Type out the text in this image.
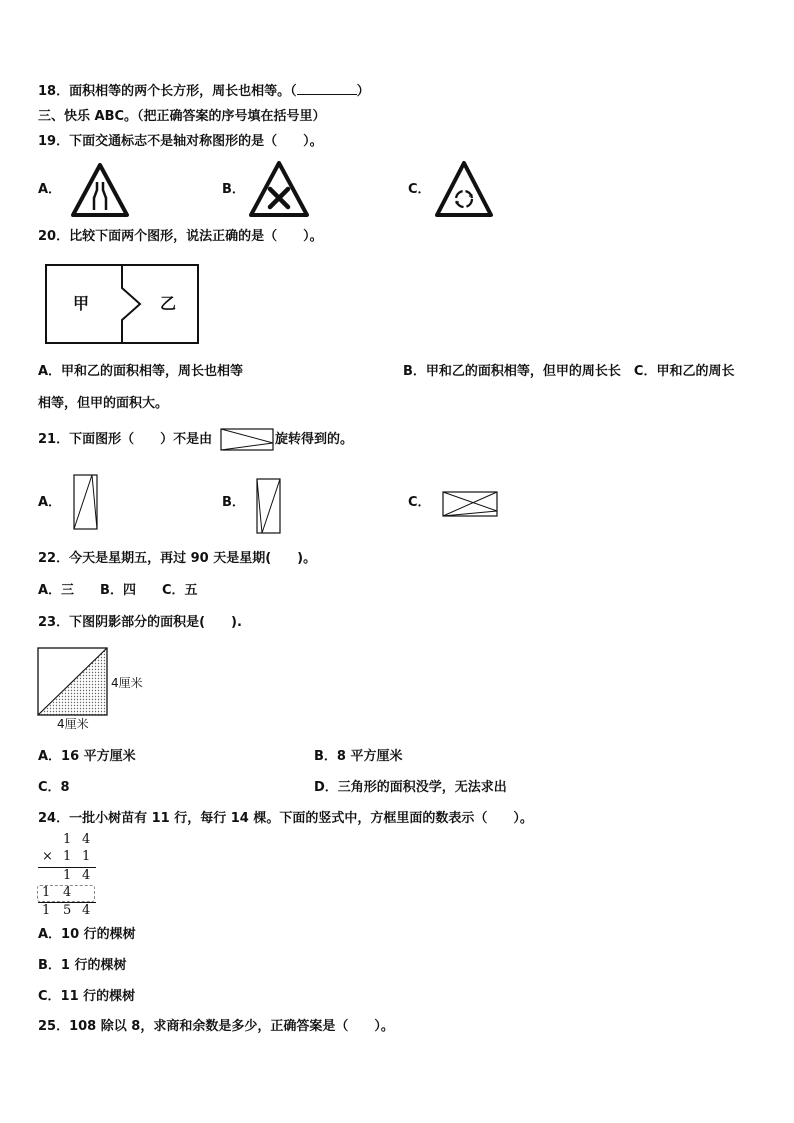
18．面积相等的两个长方形，周长也相等。（	）
三、快乐 ABC。（把正确答案的序号填在括号里）
19．下面交通标志不是轴对称图形的是（　　）。
A．	B．	C．
20．比较下面两个图形，说法正确的是（　　）。
甲	乙
A．甲和乙的面积相等，周长也相等	B．甲和乙的面积相等，但甲的周长长　C．甲和乙的周长
相等，但甲的面积大。
21．下面图形（　　）不是由	旋转得到的。
A．	B．	C．
22．今天是星期五，再过 90 天是星期(　　)。
A．三　　B．四　　C．五
23．下图阴影部分的面积是(　　).
4厘米
4厘米
A．16 平方厘米	B．8 平方厘米
C．8	D．三角形的面积没学，无法求出
24．一批小树苗有 11 行，每行 14 棵。下面的竖式中，方框里面的数表示（　　）。
1 4
× 1 1
1 4
1 4
1 5 4
A．10 行的棵树
B．1 行的棵树
C．11 行的棵树
25．108 除以 8，求商和余数是多少，正确答案是（　　）。
